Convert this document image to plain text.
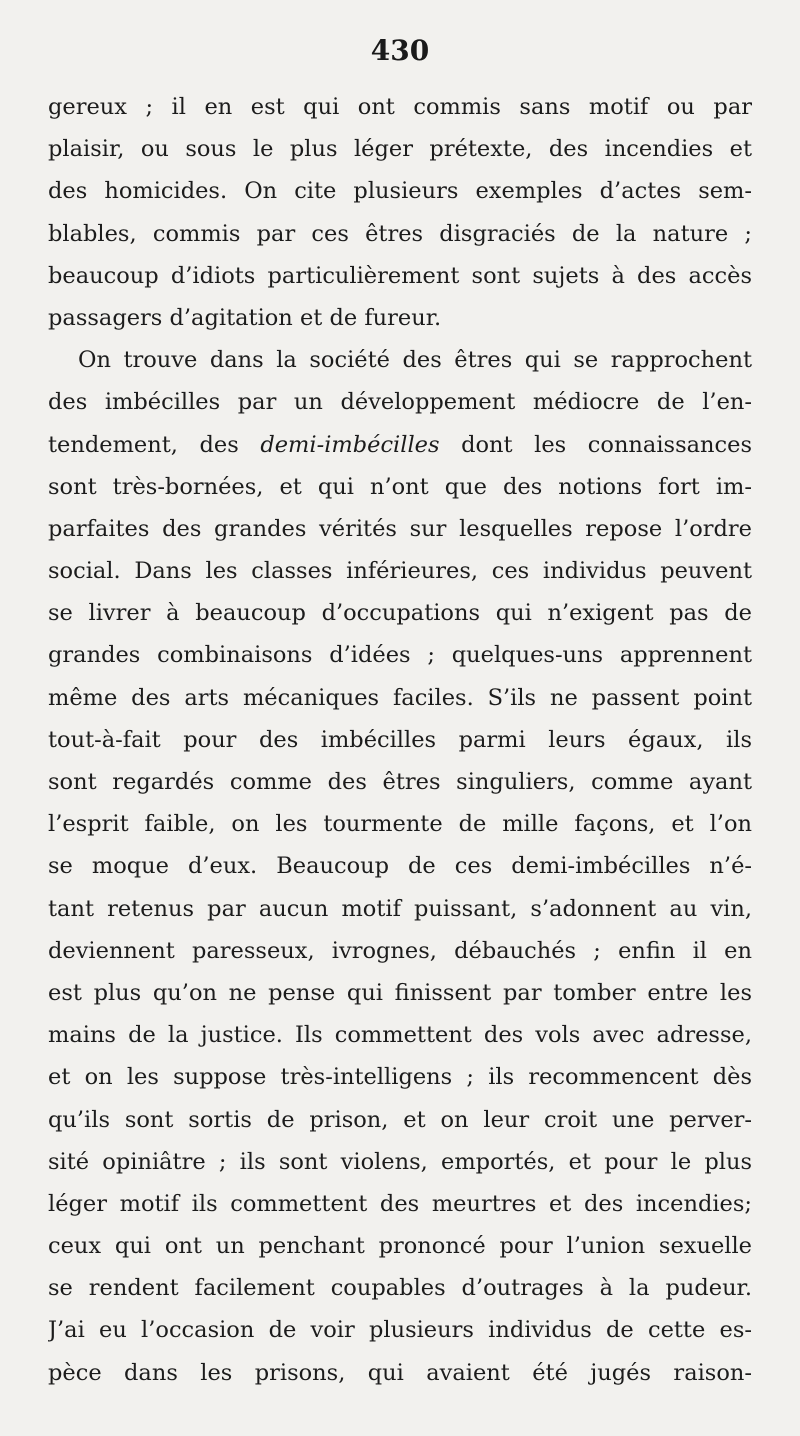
430
gereux ; il en est qui ont commis sans motif ou par
plaisir, ou sous le plus léger prétexte, des incendies et
des homicides. On cite plusieurs exemples d’actes sem-
blables, commis par ces êtres disgraciés de la nature ;
beaucoup d’idiots particulièrement sont sujets à des accès
passagers d’agitation et de fureur.
On trouve dans la société des êtres qui se rapprochent
des imbécilles par un développement médiocre de l’en-
tendement, des demi-imbécilles dont les connaissances
sont très-bornées, et qui n’ont que des notions fort im-
parfaites des grandes vérités sur lesquelles repose l’ordre
social. Dans les classes inférieures, ces individus peuvent
se livrer à beaucoup d’occupations qui n’exigent pas de
grandes combinaisons d’idées ; quelques-uns apprennent
même des arts mécaniques faciles. S’ils ne passent point
tout-à-fait pour des imbécilles parmi leurs égaux, ils
sont regardés comme des êtres singuliers, comme ayant
l’esprit faible, on les tourmente de mille façons, et l’on
se moque d’eux. Beaucoup de ces demi-imbécilles n’é-
tant retenus par aucun motif puissant, s’adonnent au vin,
deviennent paresseux, ivrognes, débauchés ; enfin il en
est plus qu’on ne pense qui finissent par tomber entre les
mains de la justice. Ils commettent des vols avec adresse,
et on les suppose très-intelligens ; ils recommencent dès
qu’ils sont sortis de prison, et on leur croit une perver-
sité opiniâtre ; ils sont violens, emportés, et pour le plus
léger motif ils commettent des meurtres et des incendies;
ceux qui ont un penchant prononcé pour l’union sexuelle
se rendent facilement coupables d’outrages à la pudeur.
J’ai eu l’occasion de voir plusieurs individus de cette es-
pèce dans les prisons, qui avaient été jugés raison-
